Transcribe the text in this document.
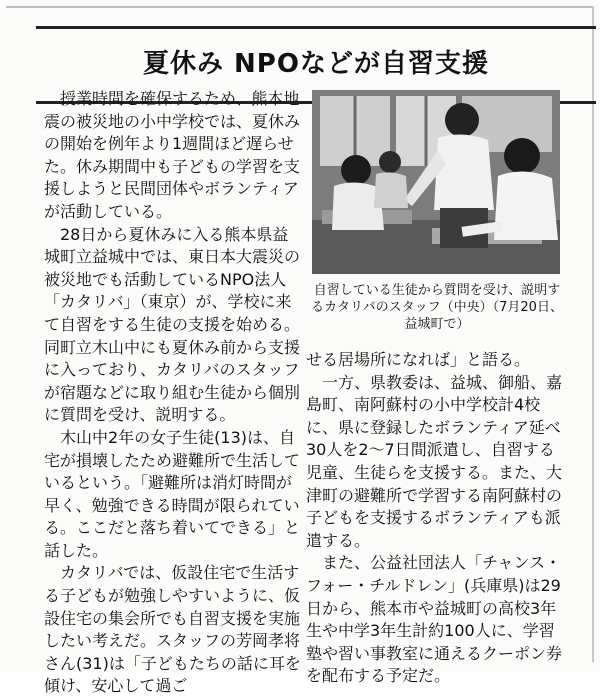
夏休み NPOなどが自習支援

授業時間を確保するため、熊本地震の被災地の小中学校では、夏休みの開始を例年より1週間ほど遅らせた。休み期間中も子どもの学習を支援しようと民間団体やボランティアが活動している。

28日から夏休みに入る熊本県益城町立益城中では、東日本大震災の被災地でも活動しているNPO法人「カタリバ」（東京）が、学校に来て自習をする生徒の支援を始める。同町立木山中にも夏休み前から支援に入っており、カタリバのスタッフが宿題などに取り組む生徒から個別に質問を受け、説明する。

木山中2年の女子生徒(13)は、自宅が損壊したため避難所で生活しているという。「避難所は消灯時間が早く、勉強できる時間が限られている。ここだと落ち着いてできる」と話した。

カタリバでは、仮設住宅で生活する子どもが勉強しやすいように、仮設住宅の集会所でも自習支援を実施したい考えだ。スタッフの芳岡孝将さん(31)は「子どもたちの話に耳を傾け、安心して過ご

自習している生徒から質問を受け、説明するカタリバのスタッフ（中央）（7月20日、益城町で）

せる居場所になれば」と語る。

一方、県教委は、益城、御船、嘉島町、南阿蘇村の小中学校計4校に、県に登録したボランティア延べ30人を2～7日間派遣し、自習する児童、生徒らを支援する。また、大津町の避難所で学習する南阿蘇村の子どもを支援するボランティアも派遣する。

また、公益社団法人「チャンス・フォー・チルドレン」(兵庫県)は29日から、熊本市や益城町の高校3年生や中学3年生計約100人に、学習塾や習い事教室に通えるクーポン券を配布する予定だ。
